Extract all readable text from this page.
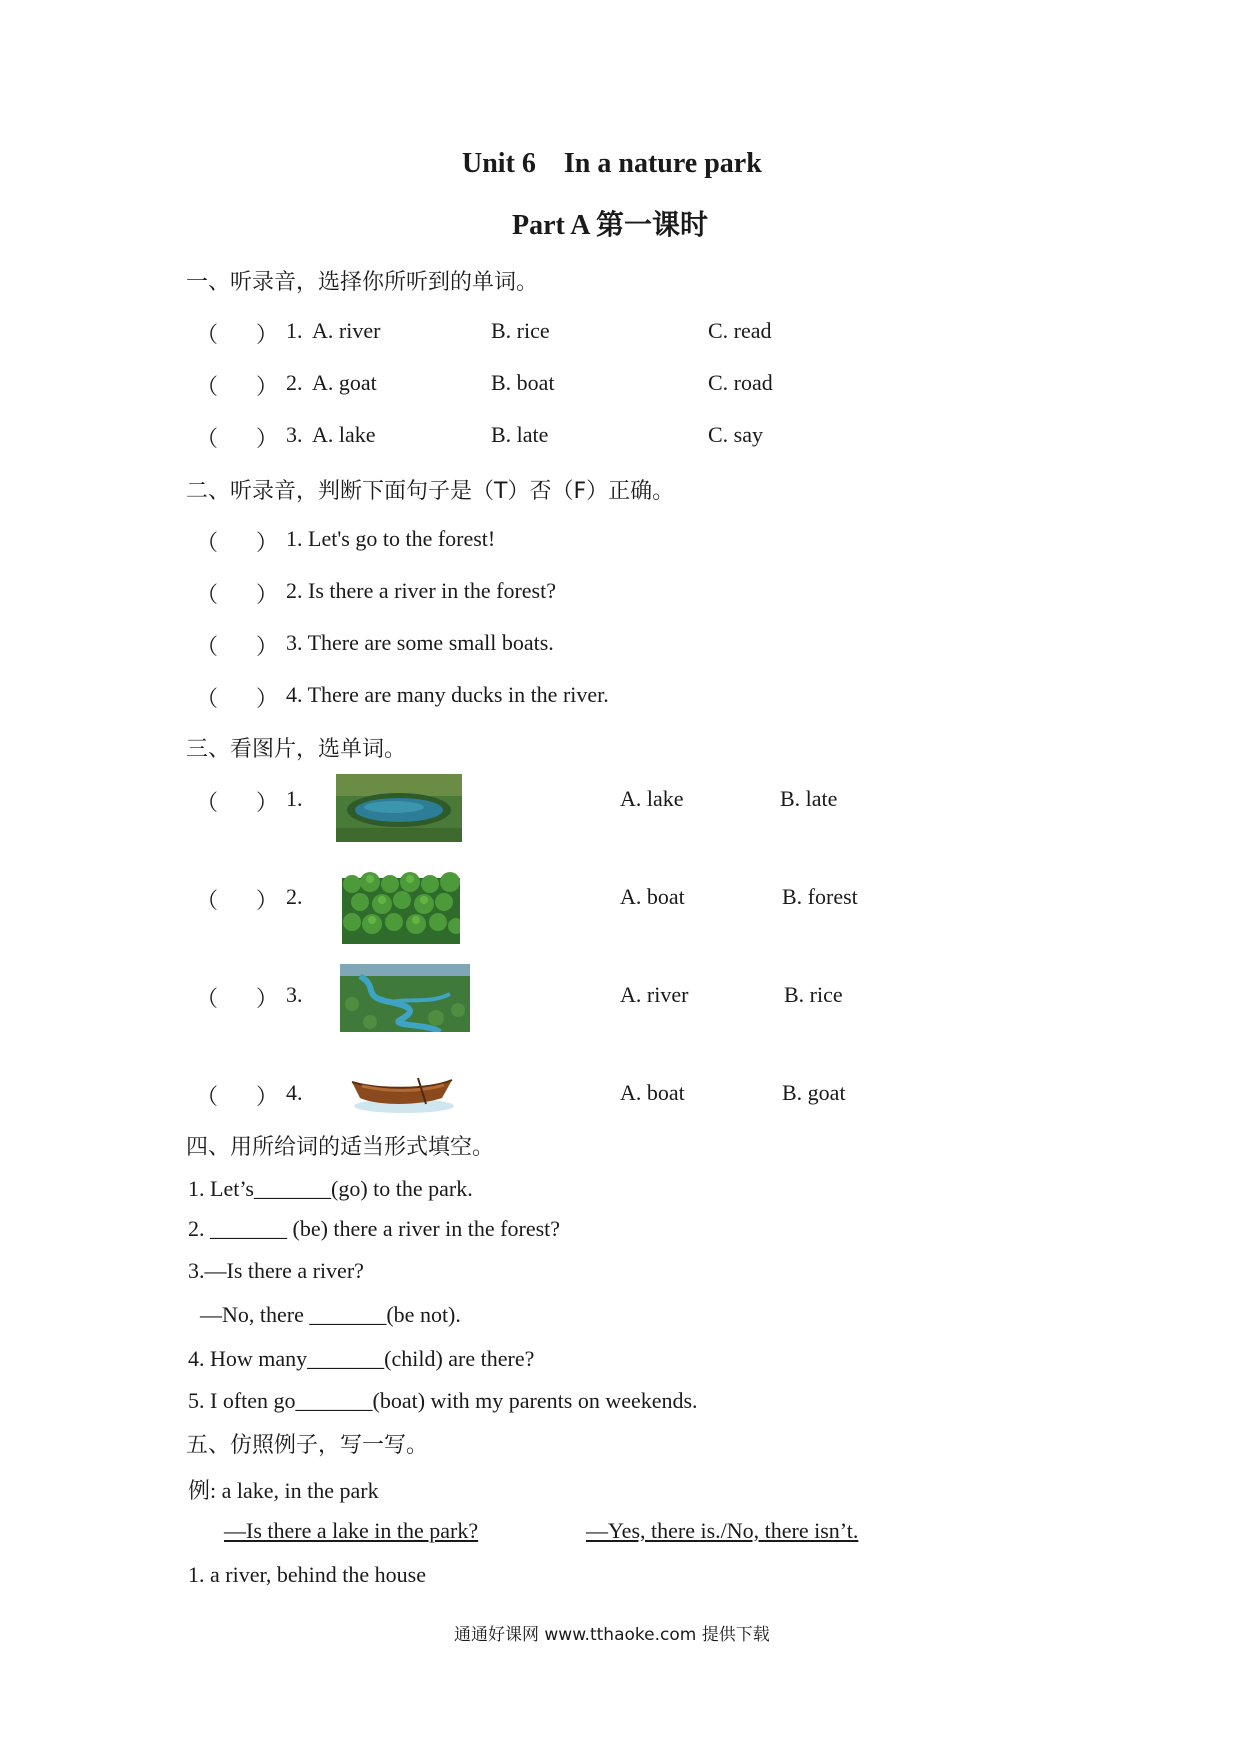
Unit 6 In a nature park
Part A 第一课时
一、听录音，选择你所听到的单词。
（ ） 1. A. river	B. rice	C. read
（ ） 2. A. goat	B. boat	C. road
（ ） 3. A. lake	B. late	C. say
二、听录音，判断下面句子是（T）否（F）正确。
（ ） 1. Let's go to the forest!
（ ） 2. Is there a river in the forest?
（ ） 3. There are some small boats.
（ ） 4. There are many ducks in the river.
三、看图片，选单词。
（ ） 1.	A. lake	B. late
（ ） 2.	A. boat	B. forest
（ ） 3.	A. river	B. rice
（ ） 4.	A. boat	B. goat
四、用所给词的适当形式填空。
1. Let’s_______(go) to the park.
2. _______ (be) there a river in the forest?
3.—Is there a river?
—No, there _______(be not).
4. How many_______(child) are there?
5. I often go_______(boat) with my parents on weekends.
五、仿照例子，写一写。
例: a lake, in the park
—Is there a lake in the park?	—Yes, there is./No, there isn’t.
1. a river, behind the house
通通好课网 www.tthaoke.com 提供下载
